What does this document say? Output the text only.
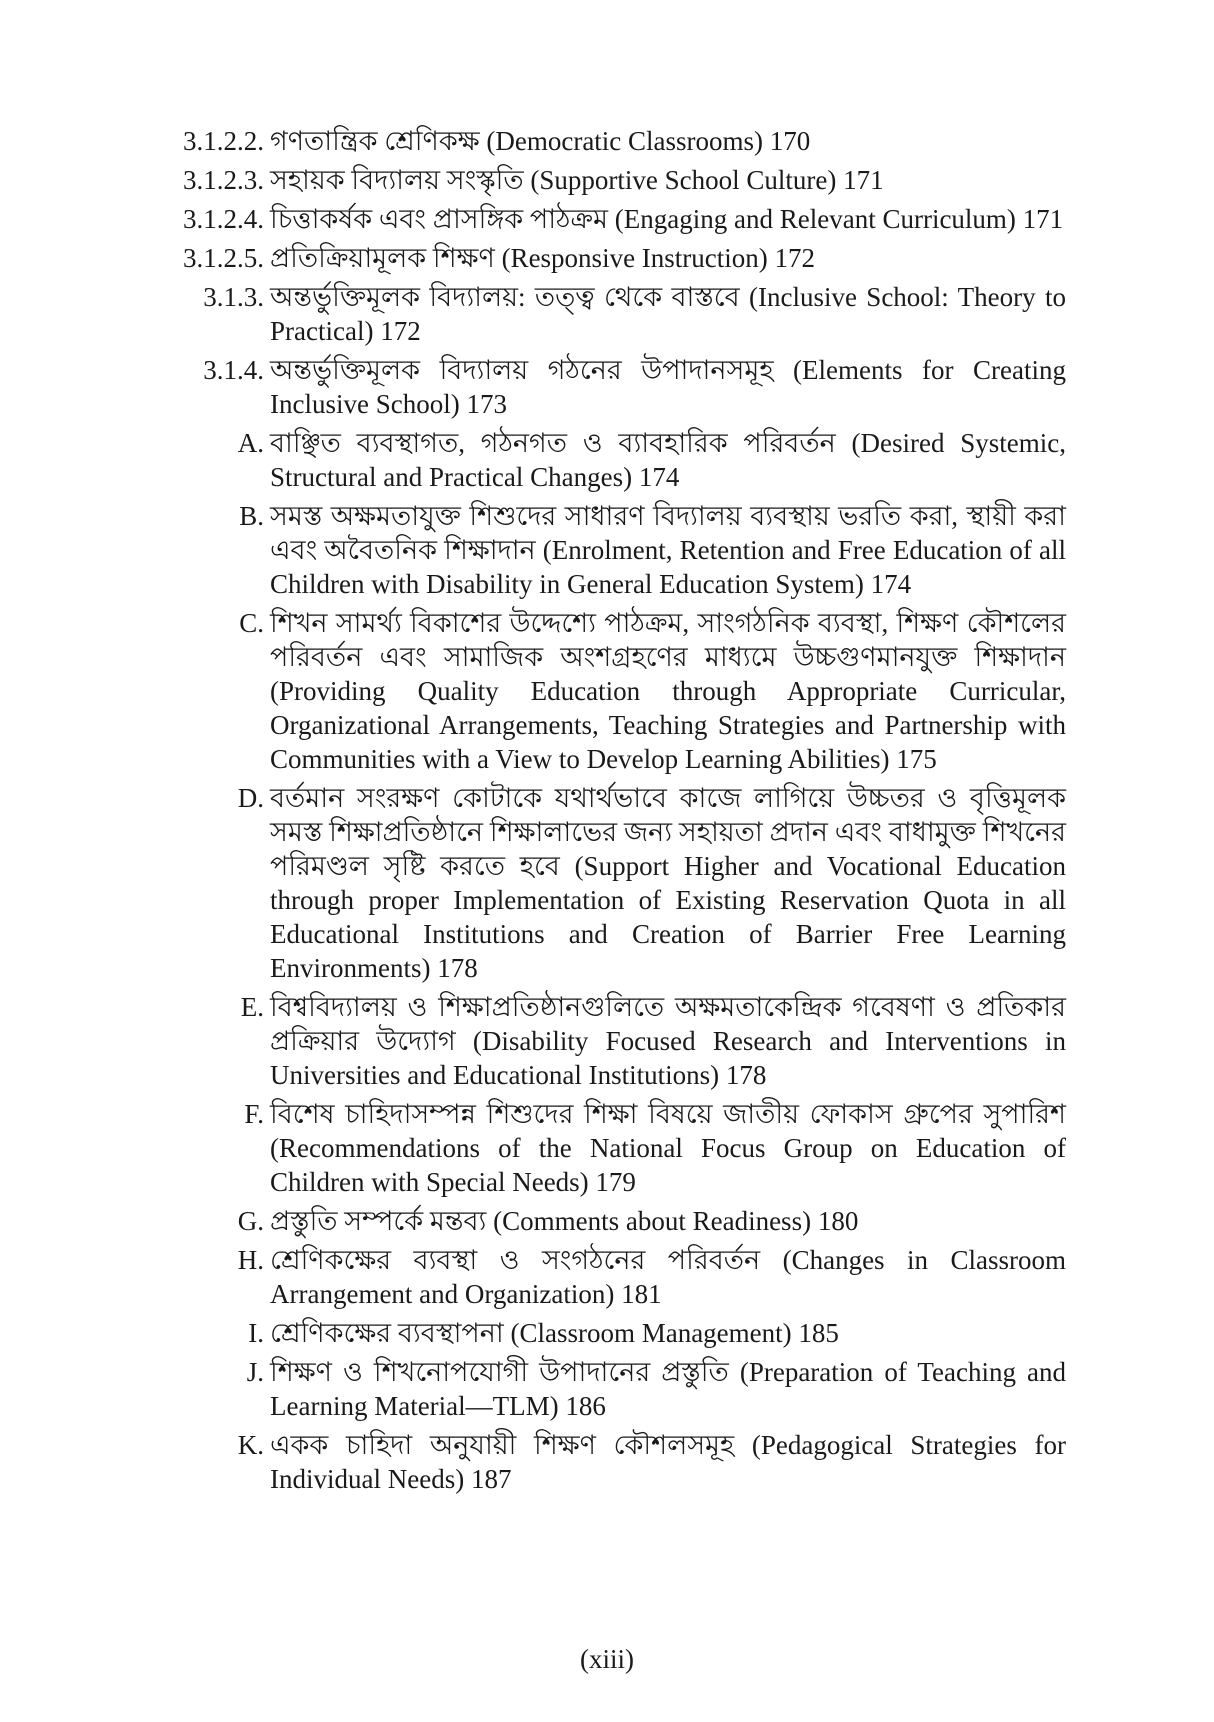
3.1.2.2. গণতান্ত্রিক শ্রেণিকক্ষ (Democratic Classrooms) 170
3.1.2.3. সহায়ক বিদ্যালয় সংস্কৃতি (Supportive School Culture) 171
3.1.2.4. চিত্তাকর্ষক এবং প্রাসঙ্গিক পাঠক্রম (Engaging and Relevant Curriculum) 171
3.1.2.5. প্রতিক্রিয়ামূলক শিক্ষণ (Responsive Instruction) 172
3.1.3. অন্তর্ভুক্তিমূলক বিদ্যালয়: তত্ত্ব থেকে বাস্তবে (Inclusive School: Theory to Practical) 172
3.1.4. অন্তর্ভুক্তিমূলক বিদ্যালয় গঠনের উপাদানসমূহ (Elements for Creating Inclusive School) 173
A. বাঞ্ছিত ব্যবস্থাগত, গঠনগত ও ব্যাবহারিক পরিবর্তন (Desired Systemic, Structural and Practical Changes) 174
B. সমস্ত অক্ষমতাযুক্ত শিশুদের সাধারণ বিদ্যালয় ব্যবস্থায় ভরতি করা, স্থায়ী করা এবং অবৈতনিক শিক্ষাদান (Enrolment, Retention and Free Education of all Children with Disability in General Education System) 174
C. শিখন সামর্থ্য বিকাশের উদ্দেশ্যে পাঠক্রম, সাংগঠনিক ব্যবস্থা, শিক্ষণ কৌশলের পরিবর্তন এবং সামাজিক অংশগ্রহণের মাধ্যমে উচ্চগুণমানযুক্ত শিক্ষাদান (Providing Quality Education through Appropriate Curricular, Organizational Arrangements, Teaching Strategies and Partnership with Communities with a View to Develop Learning Abilities) 175
D. বর্তমান সংরক্ষণ কোটাকে যথার্থভাবে কাজে লাগিয়ে উচ্চতর ও বৃত্তিমূলক সমস্ত শিক্ষাপ্রতিষ্ঠানে শিক্ষালাভের জন্য সহায়তা প্রদান এবং বাধামুক্ত শিখনের পরিমণ্ডল সৃষ্টি করতে হবে (Support Higher and Vocational Education through proper Implementation of Existing Reservation Quota in all Educational Institutions and Creation of Barrier Free Learning Environments) 178
E. বিশ্ববিদ্যালয় ও শিক্ষাপ্রতিষ্ঠানগুলিতে অক্ষমতাকেন্দ্রিক গবেষণা ও প্রতিকার প্রক্রিয়ার উদ্যোগ (Disability Focused Research and Interventions in Universities and Educational Institutions) 178
F. বিশেষ চাহিদাসম্পন্ন শিশুদের শিক্ষা বিষয়ে জাতীয় ফোকাস গ্রুপের সুপারিশ (Recommendations of the National Focus Group on Education of Children with Special Needs) 179
G. প্রস্তুতি সম্পর্কে মন্তব্য (Comments about Readiness) 180
H. শ্রেণিকক্ষের ব্যবস্থা ও সংগঠনের পরিবর্তন (Changes in Classroom Arrangement and Organization) 181
I. শ্রেণিকক্ষের ব্যবস্থাপনা (Classroom Management) 185
J. শিক্ষণ ও শিখনোপযোগী উপাদানের প্রস্তুতি (Preparation of Teaching and Learning Material—TLM) 186
K. একক চাহিদা অনুযায়ী শিক্ষণ কৌশলসমূহ (Pedagogical Strategies for Individual Needs) 187
(xiii)
